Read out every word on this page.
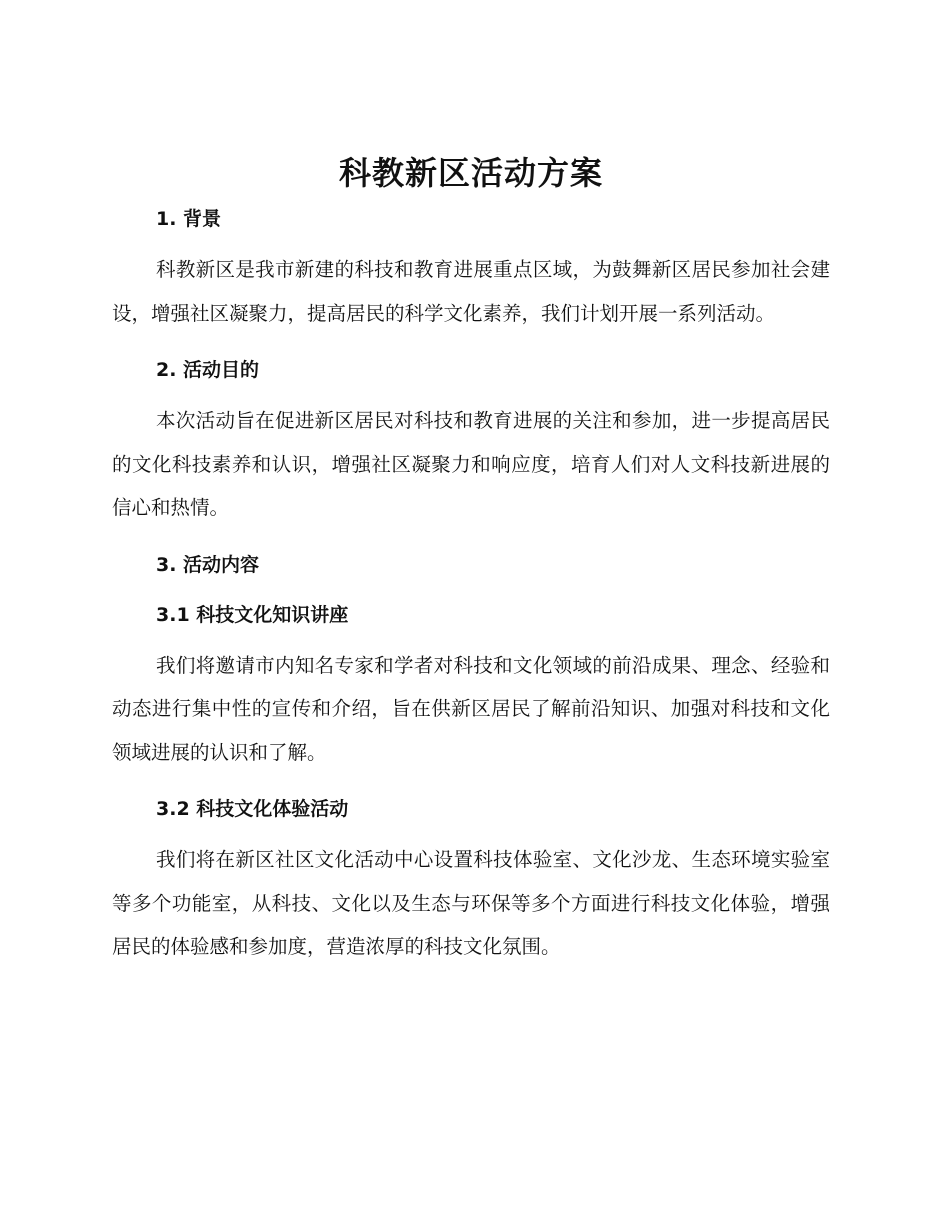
科教新区活动方案
1. 背景

科教新区是我市新建的科技和教育进展重点区域，为鼓舞新区居民参加社会建设，增强社区凝聚力，提高居民的科学文化素养，我们计划开展一系列活动。

2. 活动目的

本次活动旨在促进新区居民对科技和教育进展的关注和参加，进一步提高居民的文化科技素养和认识，增强社区凝聚力和响应度，培育人们对人文科技新进展的信心和热情。

3. 活动内容
3.1 科技文化知识讲座

我们将邀请市内知名专家和学者对科技和文化领域的前沿成果、理念、经验和动态进行集中性的宣传和介绍，旨在供新区居民了解前沿知识、加强对科技和文化领域进展的认识和了解。

3.2 科技文化体验活动

我们将在新区社区文化活动中心设置科技体验室、文化沙龙、生态环境实验室等多个功能室，从科技、文化以及生态与环保等多个方面进行科技文化体验，增强居民的体验感和参加度，营造浓厚的科技文化氛围。
